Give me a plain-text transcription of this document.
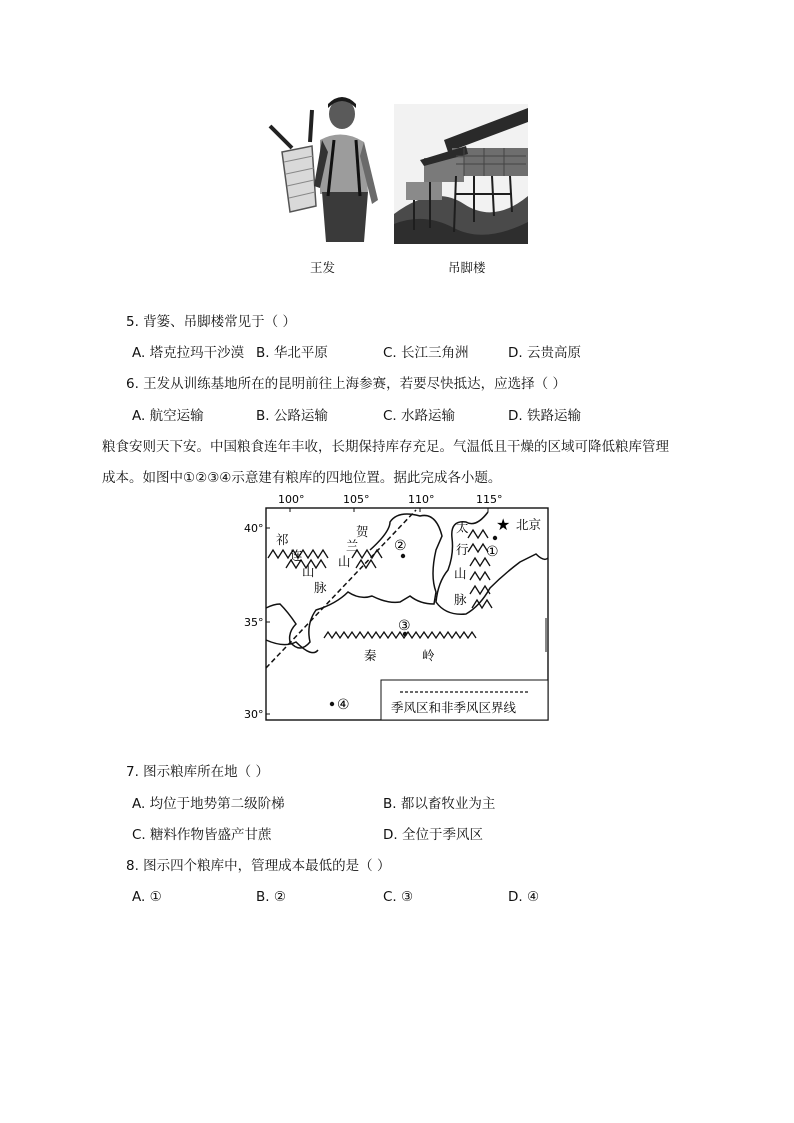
王发	吊脚楼
5. 背篓、吊脚楼常见于（ ）
A. 塔克拉玛干沙漠 B. 华北平原	C. 长江三角洲	D. 云贵高原
6. 王发从训练基地所在的昆明前往上海参赛，若要尽快抵达，应选择（ ）
A. 航空运输	B. 公路运输	C. 水路运输	D. 铁路运输
粮食安则天下安。中国粮食连年丰收，长期保持库存充足。气温低且干燥的区域可降低粮库管理
成本。如图中①②③④示意建有粮库的四地位置。据此完成各小题。
100°	105°	110°	115°
40°
35°
30°
祁
连
山
脉
贺
兰
山
太
行
山
脉
秦	岭
★ 北京
①
②
③
④	季风区和非季风区界线
7. 图示粮库所在地（ ）
A. 均位于地势第二级阶梯	B. 都以畜牧业为主
C. 糖料作物皆盛产甘蔗	D. 全位于季风区
8. 图示四个粮库中，管理成本最低的是（ ）
A. ①	B. ②	C. ③	D. ④
